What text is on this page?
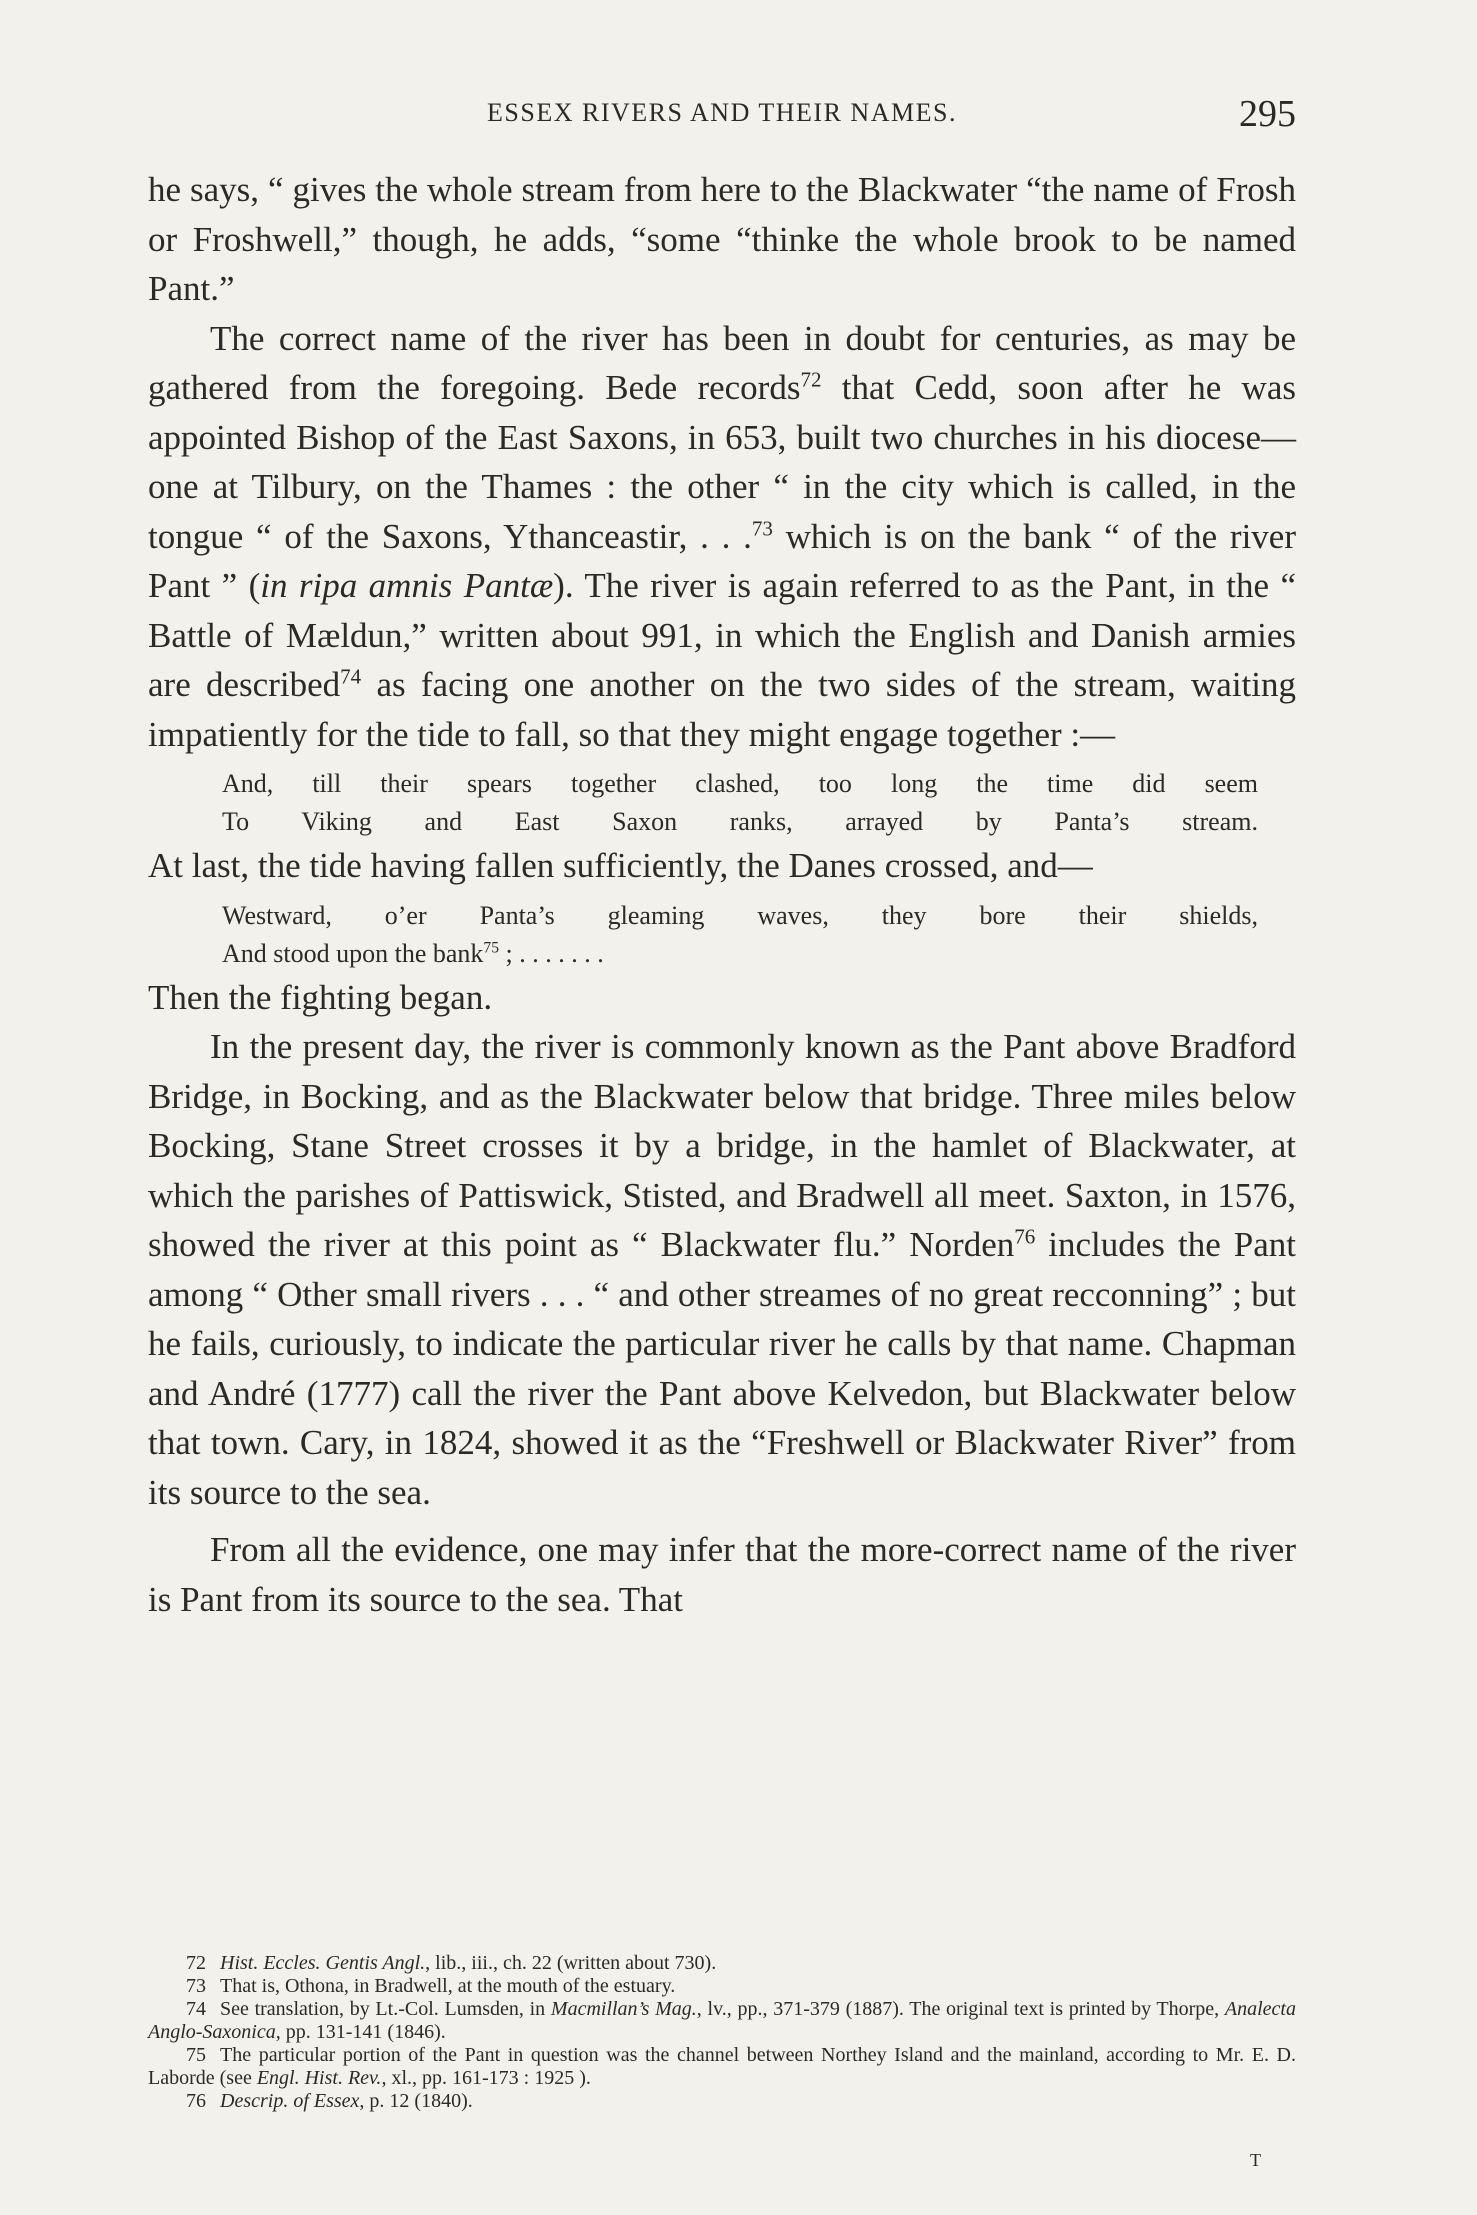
ESSEX RIVERS AND THEIR NAMES.	295

he says, “ gives the whole stream from here to the Blackwater “the name of Frosh or Froshwell,” though, he adds, “some “thinke the whole brook to be named Pant.”

The correct name of the river has been in doubt for centuries, as may be gathered from the foregoing. Bede records$^{72}$ that Cedd, soon after he was appointed Bishop of the East Saxons, in 653, built two churches in his diocese—one at Tilbury, on the Thames : the other “ in the city which is called, in the tongue “ of the Saxons, Ythanceastir, . . .$^{73}$ which is on the bank “ of the river Pant ” (in ripa amnis Pantæ). The river is again referred to as the Pant, in the “ Battle of Mældun,” written about 991, in which the English and Danish armies are described$^{74}$ as facing one another on the two sides of the stream, waiting impatiently for the tide to fall, so that they might engage together :—

And, till their spears together clashed, too long the time did seem
To Viking and East Saxon ranks, arrayed by Panta’s stream.

At last, the tide having fallen sufficiently, the Danes crossed, and—

Westward, o’er Panta’s gleaming waves, they bore their shields,
And stood upon the bank$^{75}$ ; . . . . . . .

Then the fighting began.

In the present day, the river is commonly known as the Pant above Bradford Bridge, in Bocking, and as the Blackwater below that bridge. Three miles below Bocking, Stane Street crosses it by a bridge, in the hamlet of Blackwater, at which the parishes of Pattiswick, Stisted, and Bradwell all meet. Saxton, in 1576, showed the river at this point as “ Blackwater flu.” Norden$^{76}$ includes the Pant among “ Other small rivers . . . “ and other streames of no great recconning” ; but he fails, curiously, to indicate the particular river he calls by that name. Chapman and André (1777) call the river the Pant above Kelvedon, but Blackwater below that town. Cary, in 1824, showed it as the “Freshwell or Blackwater River” from its source to the sea.

From all the evidence, one may infer that the more-correct name of the river is Pant from its source to the sea. That

72 Hist. Eccles. Gentis Angl., lib., iii., ch. 22 (written about 730).

73 That is, Othona, in Bradwell, at the mouth of the estuary.

74 See translation, by Lt.-Col. Lumsden, in Macmillan’s Mag., lv., pp., 371-379 (1887). The original text is printed by Thorpe, Analecta Anglo-Saxonica, pp. 131-141 (1846).

75 The particular portion of the Pant in question was the channel between Northey Island and the mainland, according to Mr. E. D. Laborde (see Engl. Hist. Rev., xl., pp. 161-173 : 1925 ).

76 Descrip. of Essex, p. 12 (1840).

T
